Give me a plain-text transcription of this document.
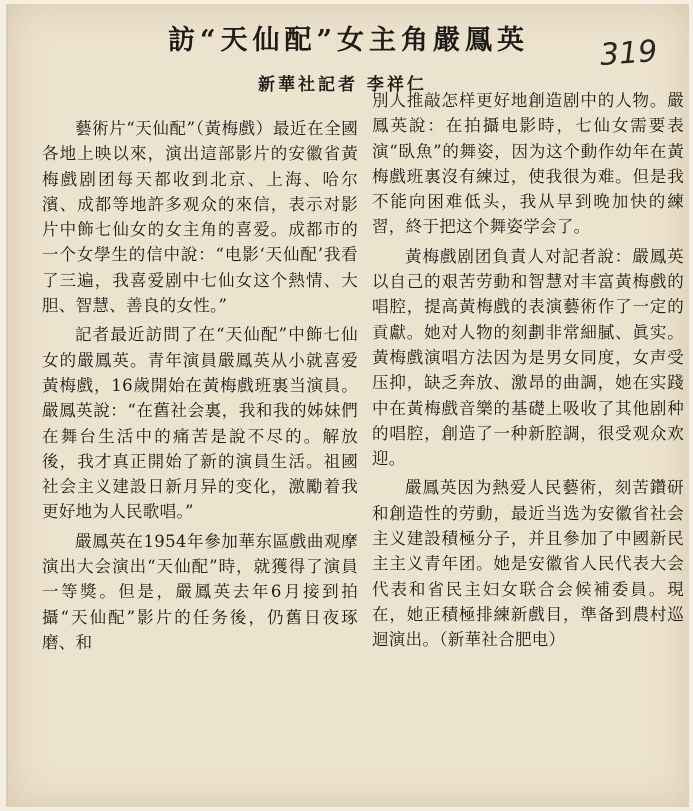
訪“天仙配”女主角嚴鳳英	319
新華社記者 李祥仁

藝術片“天仙配”（黃梅戲）最近在全國各地上映以來，演出這部影片的安徽省黃梅戲剧团每天都收到北京、上海、哈尔濱、成都等地許多观众的來信，表示对影片中飾七仙女的女主角的喜爱。成都市的一个女學生的信中說：“电影‘天仙配’我看了三遍，我喜爱剧中七仙女这个熱情、大胆、智慧、善良的女性。”

記者最近訪問了在“天仙配”中飾七仙女的嚴鳳英。青年演員嚴鳳英从小就喜爱黃梅戲，16歲開始在黃梅戲班裏当演員。嚴鳳英說：“在舊社会裏，我和我的姊妹們在舞台生活中的痛苦是說不尽的。解放後，我才真正開始了新的演員生活。祖國社会主义建設日新月异的变化，激勵着我更好地为人民歌唱。”

嚴鳳英在1954年參加華东區戲曲观摩演出大会演出“天仙配”時，就獲得了演員一等獎。但是，嚴鳳英去年6月接到拍攝“天仙配”影片的任务後，仍舊日夜琢磨、和

別人推敲怎样更好地創造剧中的人物。嚴鳳英說：在拍攝电影時，七仙女需要表演“臥魚”的舞姿，因为这个動作幼年在黃梅戲班裏沒有練过，使我很为难。但是我不能向困难低头，我从早到晚加快的練習，終于把这个舞姿学会了。

黃梅戲剧团負責人对記者說：嚴鳳英以自己的艰苦劳動和智慧对丰富黃梅戲的唱腔，提高黃梅戲的表演藝術作了一定的貢獻。她对人物的刻劃非常細膩、眞实。黃梅戲演唱方法因为是男女同度，女声受压抑，缺乏奔放、激昂的曲調，她在实踐中在黃梅戲音樂的基礎上吸收了其他剧种的唱腔，創造了一种新腔調，很受观众欢迎。

嚴鳳英因为熱爱人民藝術，刻苦鑽研和創造性的劳動，最近当选为安徽省社会主义建設積極分子，并且參加了中國新民主主义青年团。她是安徽省人民代表大会代表和省民主妇女联合会候補委員。現在，她正積極排練新戲目，準备到農村巡迴演出。（新華社合肥电）
